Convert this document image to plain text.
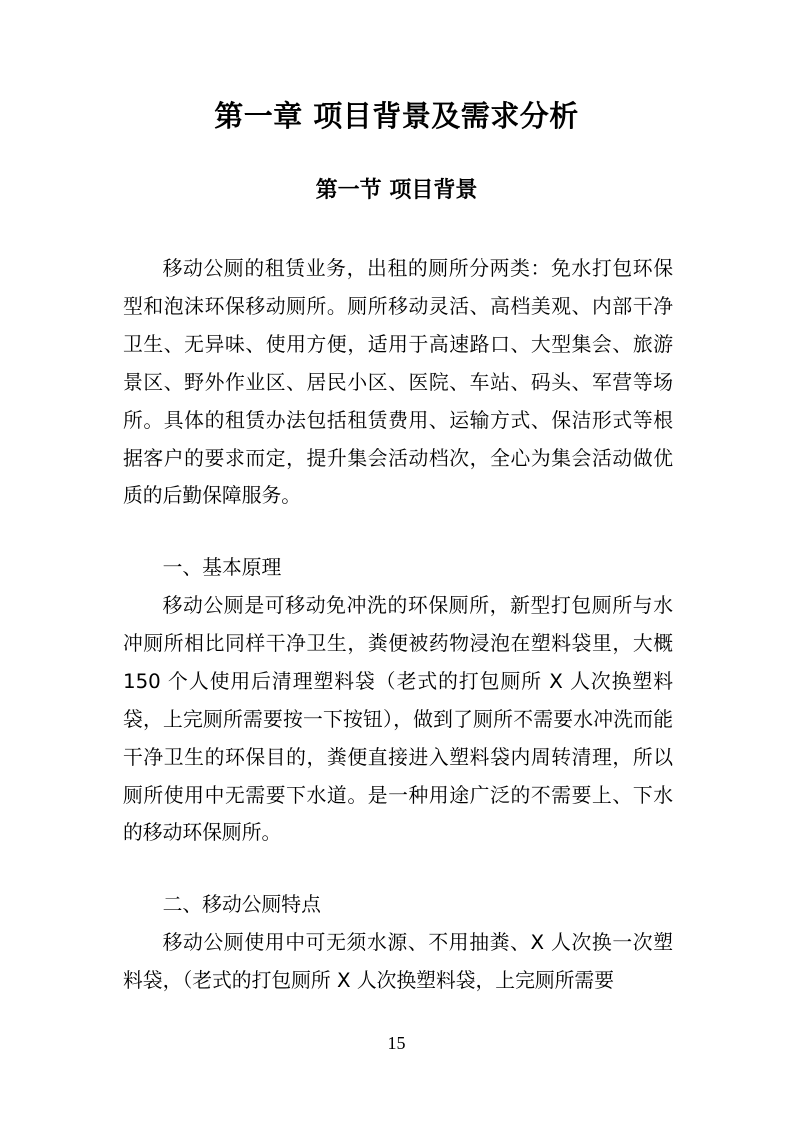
第一章 项目背景及需求分析
第一节 项目背景

移动公厕的租赁业务，出租的厕所分两类：免水打包环保型和泡沫环保移动厕所。厕所移动灵活、高档美观、内部干净卫生、无异味、使用方便，适用于高速路口、大型集会、旅游景区、野外作业区、居民小区、医院、车站、码头、军营等场所。具体的租赁办法包括租赁费用、运输方式、保洁形式等根据客户的要求而定，提升集会活动档次，全心为集会活动做优质的后勤保障服务。

一、基本原理

移动公厕是可移动免冲洗的环保厕所，新型打包厕所与水冲厕所相比同样干净卫生，粪便被药物浸泡在塑料袋里，大概 150 个人使用后清理塑料袋（老式的打包厕所 X 人次换塑料袋，上完厕所需要按一下按钮），做到了厕所不需要水冲洗而能干净卫生的环保目的，粪便直接进入塑料袋内周转清理，所以厕所使用中无需要下水道。是一种用途广泛的不需要上、下水的移动环保厕所。

二、移动公厕特点

移动公厕使用中可无须水源、不用抽粪、X 人次换一次塑料袋，（老式的打包厕所 X 人次换塑料袋，上完厕所需要

15
